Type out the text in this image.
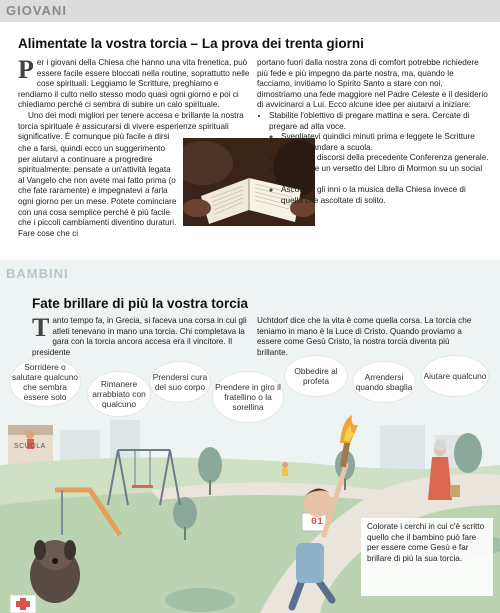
GIOVANI
Alimentate la vostra torcia – La prova dei trenta giorni
P er i giovani della Chiesa che hanno una vita frenetica, può essere facile essere bloccati nella routine, soprattutto nelle cose spirituali. Leggiamo le Scritture, preghiamo e rendiamo il culto nello stesso modo quasi ogni giorno e poi ci chiediamo perché ci sembra di subire un calo spirituale.

Uno dei modi migliori per tenere accesa e brillante la nostra torcia spirituale è assicurarsi di vivere esperienze spirituali significative. È comunque più facile a dirsi

che a farsi, quindi ecco un suggerimento per aiutarvi a continuare a progredire spiritualmente: pensate a un'attività legata al Vangelo che non avete mai fatto prima (o che fate raramente) e impegnatevi a farla ogni giorno per un mese. Potete cominciare con una cosa semplice perché è più facile che i piccoli cambiamenti diventino duraturi. Fare cose che ci

portano fuori dalla nostra zona di comfort potrebbe richiedere più fede e più impegno da parte nostra, ma, quando le facciamo, invitiamo lo Spirito Santo a stare con noi, dimostriamo una fede maggiore nel Padre Celeste e il desiderio di avvicinarci a Lui. Ecco alcune idee per aiutarvi a iniziare:

• Stabilite l'obiettivo di pregare mattina e sera. Cercate di pregare ad alta voce.
◦ Svegliatevi quindici minuti prima e leggete le Scritture prima di andare a scuola.
◦ Leggete i discorsi della precedente Conferenza generale.
◦ Pubblicate un versetto del Libro di Mormon su un social media.
◦ Ascoltate gli inni o la musica della Chiesa invece di quella che ascoltate di solito.
BAMBINI
Fate brillare di più la vostra torcia
T anto tempo fa, in Grecia, si faceva una corsa in cui gli atleti tenevano in mano una torcia. Chi completava la gara con la torcia ancora accesa era il vincitore. Il presidente
Uchtdorf dice che la vita è come quella corsa. La torcia che teniamo in mano è la Luce di Cristo. Quando proviamo a essere come Gesù Cristo, la nostra torcia diventa più brillante.
SCUOLA
01
Sorridere o salutare qualcuno che sembra essere solo
Rimanere arrabbiato con qualcuno
Prendersi cura del suo corpo	Prendere in giro il fratellino o la sorellina
Obbedire al profeta	Arrendersi quando sbaglia
Aiutare qualcuno
Colorate i cerchi in cui c'è scritto quello che il bambino può fare per essere come Gesù e far brillare di più la sua torcia.
